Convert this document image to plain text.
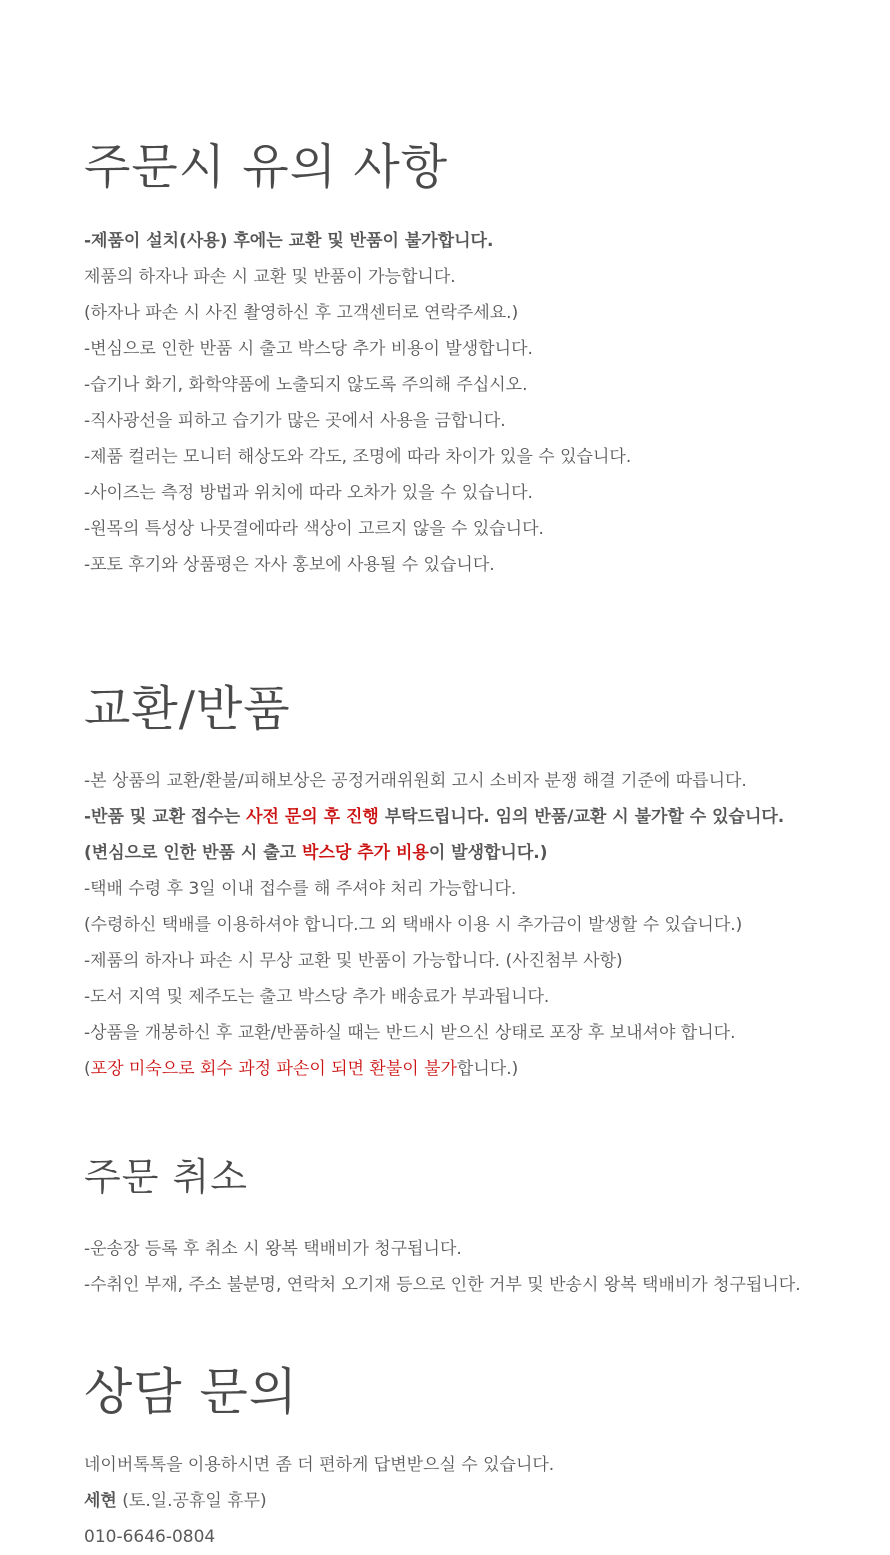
주문시 유의 사항
-제품이 설치(사용) 후에는 교환 및 반품이 불가합니다.
제품의 하자나 파손 시 교환 및 반품이 가능합니다.
(하자나 파손 시 사진 촬영하신 후 고객센터로 연락주세요.)
-변심으로 인한 반품 시 출고 박스당 추가 비용이 발생합니다.
-습기나 화기, 화학약품에 노출되지 않도록 주의해 주십시오.
-직사광선을 피하고 습기가 많은 곳에서 사용을 금합니다.
-제품 컬러는 모니터 해상도와 각도, 조명에 따라 차이가 있을 수 있습니다.
-사이즈는 측정 방법과 위치에 따라 오차가 있을 수 있습니다.
-원목의 특성상 나뭇결에따라 색상이 고르지 않을 수 있습니다.
-포토 후기와 상품평은 자사 홍보에 사용될 수 있습니다.
교환/반품
-본 상품의 교환/환불/피해보상은 공정거래위원회 고시 소비자 분쟁 해결 기준에 따릅니다.
-반품 및 교환 접수는 사전 문의 후 진행 부탁드립니다. 임의 반품/교환 시 불가할 수 있습니다.
(변심으로 인한 반품 시 출고 박스당 추가 비용이 발생합니다.)
-택배 수령 후 3일 이내 접수를 해 주셔야 처리 가능합니다.
(수령하신 택배를 이용하셔야 합니다.그 외 택배사 이용 시 추가금이 발생할 수 있습니다.)
-제품의 하자나 파손 시 무상 교환 및 반품이 가능합니다. (사진첨부 사항)
-도서 지역 및 제주도는 출고 박스당 추가 배송료가 부과됩니다.
-상품을 개봉하신 후 교환/반품하실 때는 반드시 받으신 상태로 포장 후 보내셔야 합니다.
(포장 미숙으로 회수 과정 파손이 되면 환불이 불가합니다.)
주문 취소
-운송장 등록 후 취소 시 왕복 택배비가 청구됩니다.
-수취인 부재, 주소 불분명, 연락처 오기재 등으로 인한 거부 및 반송시 왕복 택배비가 청구됩니다.
상담 문의
네이버톡톡을 이용하시면 좀 더 편하게 답변받으실 수 있습니다.
세현 (토.일.공휴일 휴무)
010-6646-0804
